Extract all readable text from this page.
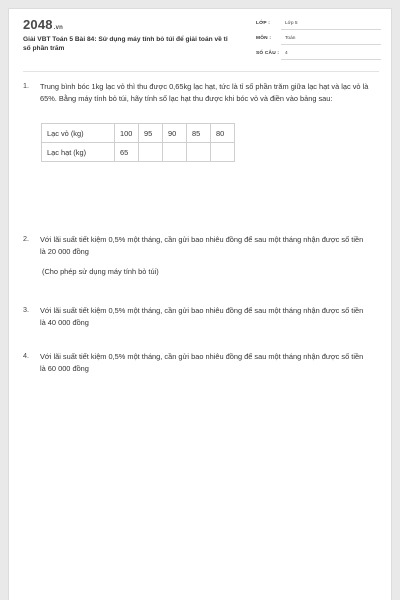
2048.vn
Giải VBT Toán 5 Bài 84: Sử dụng máy tính bỏ túi để giải toán về tỉ số phần trăm
LỚP :	Lớp 5
MÔN :	Toán
SỐ CÂU : 4
1. Trung bình bóc 1kg lạc vỏ thì thu được 0,65kg lạc hạt, tức là tỉ số phần trăm giữa lạc hạt và lạc vỏ là 65%. Bằng máy tính bỏ túi, hãy tính số lạc hạt thu được khi bóc vỏ và điền vào bảng sau:
Lạc vỏ (kg)	100	95	90	85	80
Lạc hạt (kg)	65				
2. Với lãi suất tiết kiệm 0,5% một tháng, cần gửi bao nhiêu đồng để sau một tháng nhận được số tiền là 20 000 đồng
(Cho phép sử dụng máy tính bỏ túi)
3. Với lãi suất tiết kiệm 0,5% một tháng, cần gửi bao nhiêu đồng để sau một tháng nhận được số tiền là 40 000 đồng
4. Với lãi suất tiết kiệm 0,5% một tháng, cần gửi bao nhiêu đồng để sau một tháng nhận được số tiền là 60 000 đồng
